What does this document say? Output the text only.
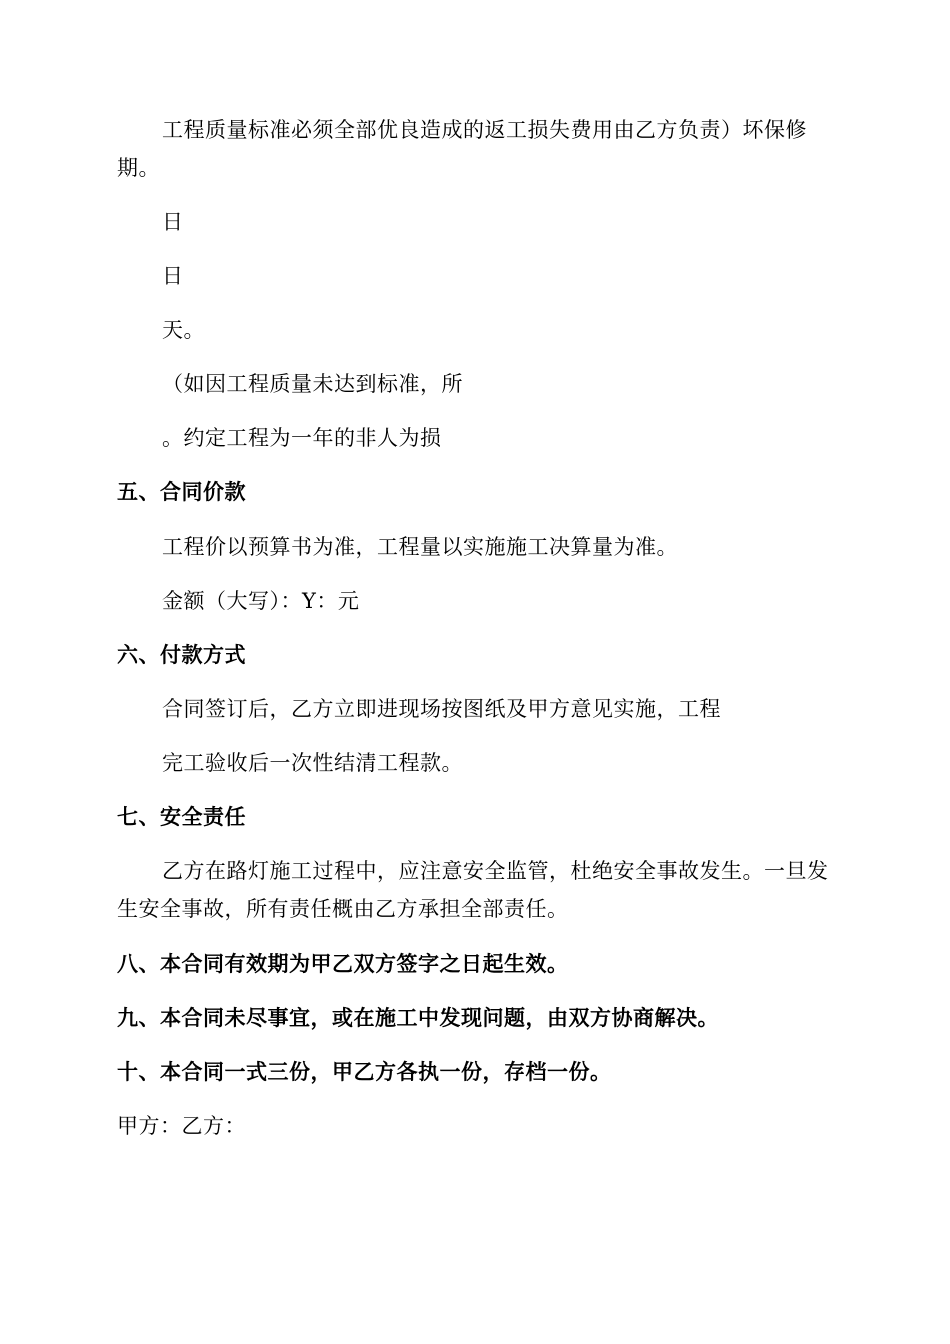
工程质量标准必须全部优良造成的返工损失费用由乙方负责）坏保修期。

日
日
天。
（如因工程质量未达到标准，所
。约定工程为一年的非人为损
五、合同价款
工程价以预算书为准，工程量以实施施工决算量为准。
金额（大写）：Y：元
六、付款方式
合同签订后，乙方立即进现场按图纸及甲方意见实施，工程
完工验收后一次性结清工程款。
七、安全责任

乙方在路灯施工过程中，应注意安全监管，杜绝安全事故发生。一旦发生安全事故，所有责任概由乙方承担全部责任。

八、本合同有效期为甲乙双方签字之日起生效。
九、本合同未尽事宜，或在施工中发现问题，由双方协商解决。
十、本合同一式三份，甲乙方各执一份，存档一份。
甲方：乙方：
